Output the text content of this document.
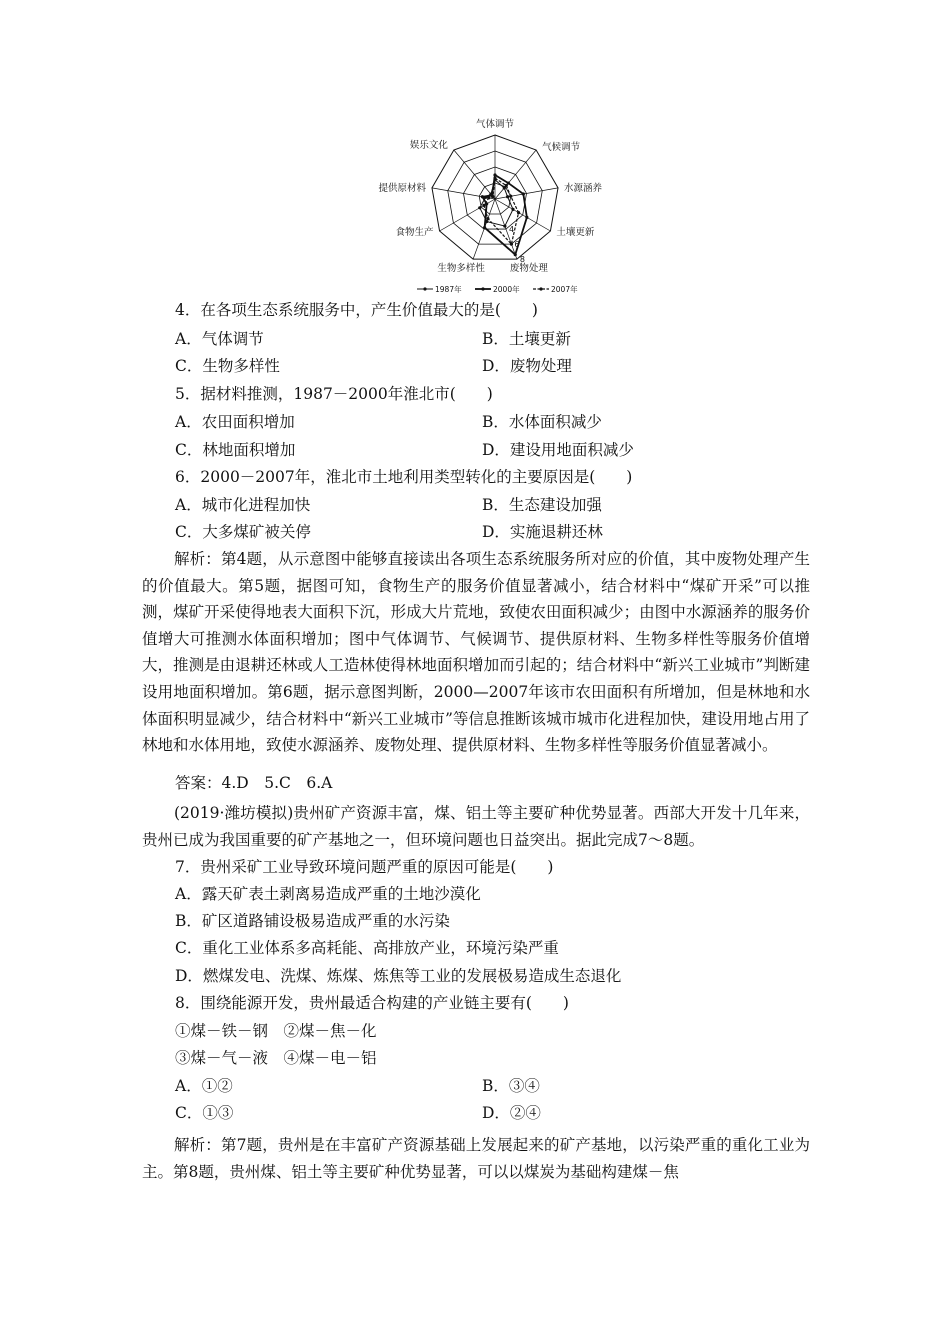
4
6
8
气体调节
气候调节
水源涵养
土壤更新
废物处理
生物多样性
食物生产
提供原材料
娱乐文化
1987年	2000年	2007年
4．在各项生态系统服务中，产生价值最大的是(　　)
A．气体调节	B．土壤更新
C．生物多样性	D．废物处理
5．据材料推测，1987－2000年淮北市(　　)
A．农田面积增加	B．水体面积减少
C．林地面积增加	D．建设用地面积减少
6．2000－2007年，淮北市土地利用类型转化的主要原因是(　　)
A．城市化进程加快	B．生态建设加强
C．大多煤矿被关停	D．实施退耕还林
解析：第4题，从示意图中能够直接读出各项生态系统服务所对应的价值，其中废物处理产生的价值最大。第5题，据图可知，食物生产的服务价值显著减小，结合材料中“煤矿开采”可以推测，煤矿开采使得地表大面积下沉，形成大片荒地，致使农田面积减少；由图中水源涵养的服务价值增大可推测水体面积增加；图中气体调节、气候调节、提供原材料、生物多样性等服务价值增大，推测是由退耕还林或人工造林使得林地面积增加而引起的；结合材料中“新兴工业城市”判断建设用地面积增加。第6题，据示意图判断，2000—2007年该市农田面积有所增加，但是林地和水体面积明显减少，结合材料中“新兴工业城市”等信息推断该城市城市化进程加快，建设用地占用了林地和水体用地，致使水源涵养、废物处理、提供原材料、生物多样性等服务价值显著减小。
答案：4.D　5.C　6.A
(2019·潍坊模拟)贵州矿产资源丰富，煤、铝土等主要矿种优势显著。西部大开发十几年来，贵州已成为我国重要的矿产基地之一，但环境问题也日益突出。据此完成7～8题。
7．贵州采矿工业导致环境问题严重的原因可能是(　　)
A．露天矿表土剥离易造成严重的土地沙漠化
B．矿区道路铺设极易造成严重的水污染
C．重化工业体系多高耗能、高排放产业，环境污染严重
D．燃煤发电、洗煤、炼煤、炼焦等工业的发展极易造成生态退化
8．围绕能源开发，贵州最适合构建的产业链主要有(　　)
①煤－铁－钢　②煤－焦－化
③煤－气－液　④煤－电－铝
A．①②	B．③④
C．①③	D．②④
解析：第7题，贵州是在丰富矿产资源基础上发展起来的矿产基地，以污染严重的重化工业为主。第8题，贵州煤、铝土等主要矿种优势显著，可以以煤炭为基础构建煤－焦
